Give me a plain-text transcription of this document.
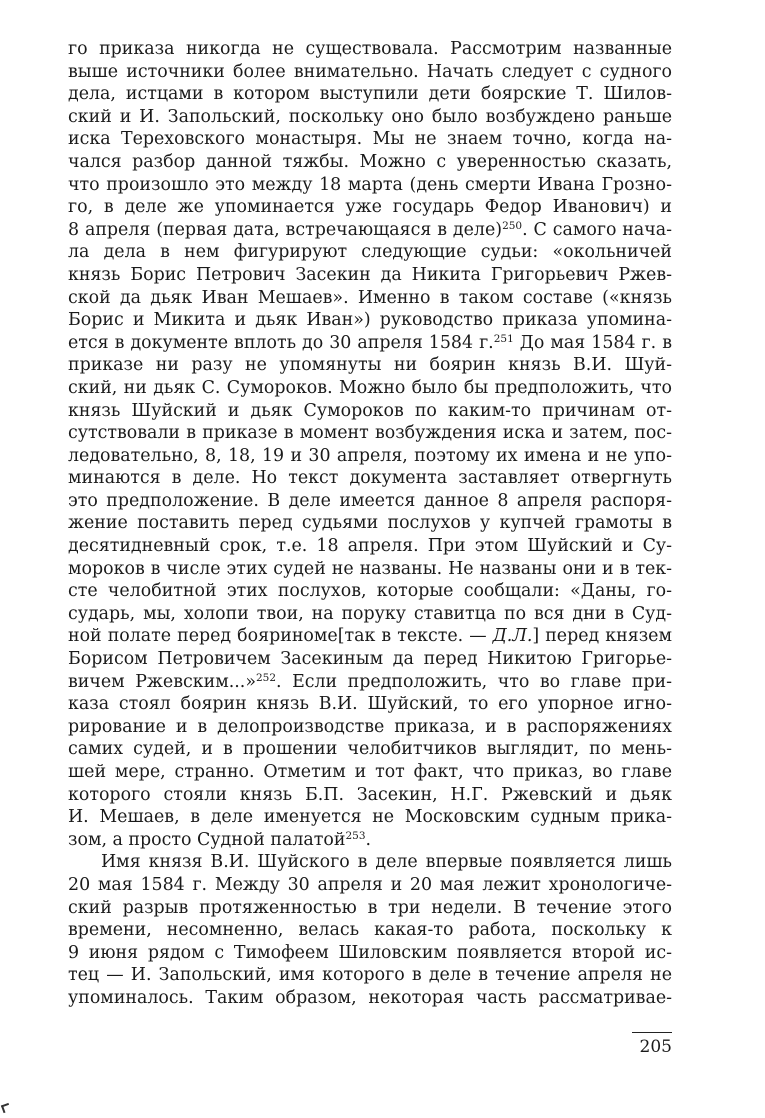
го приказа никогда не существовала. Рассмотрим названные
выше источники более внимательно. Начать следует с судного
дела, истцами в котором выступили дети боярские Т. Шилов-
ский и И. Запольский, поскольку оно было возбуждено раньше
иска Тереховского монастыря. Мы не знаем точно, когда на-
чался разбор данной тяжбы. Можно с уверенностью сказать,
что произошло это между 18 марта (день смерти Ивана Грозно-
го, в деле же упоминается уже государь Федор Иванович) и
8 апреля (первая дата, встречающаяся в деле)$^{250}$. С самого нача-
ла дела в нем фигурируют следующие судьи: «окольничей
князь Борис Петрович Засекин да Никита Григорьевич Ржев-
ской да дьяк Иван Мешаев». Именно в таком составе («князь
Борис и Микита и дьяк Иван») руководство приказа упомина-
ется в документе вплоть до 30 апреля 1584 г.$^{251}$ До мая 1584 г. в
приказе ни разу не упомянуты ни боярин князь В.И. Шуй-
ский, ни дьяк С. Сумороков. Можно было бы предположить, что
князь Шуйский и дьяк Сумороков по каким-то причинам от-
сутствовали в приказе в момент возбуждения иска и затем, пос-
ледовательно, 8, 18, 19 и 30 апреля, поэтому их имена и не упо-
минаются в деле. Но текст документа заставляет отвергнуть
это предположение. В деле имеется данное 8 апреля распоря-
жение поставить перед судьями послухов у купчей грамоты в
десятидневный срок, т.е. 18 апреля. При этом Шуйский и Су-
мороков в числе этих судей не названы. Не названы они и в тек-
сте челобитной этих послухов, которые сообщали: «Даны, го-
сударь, мы, холопи твои, на поруку ставитца по вся дни в Суд-
ной полате перед бояриномe[так в тексте. — Д.Л.] перед князем
Борисом Петровичем Засекиным да перед Никитою Григорье-
вичем Ржевским...»$^{252}$. Если предположить, что во главе при-
каза стоял боярин князь В.И. Шуйский, то его упорное игно-
рирование и в делопроизводстве приказа, и в распоряжениях
самих судей, и в прошении челобитчиков выглядит, по мень-
шей мере, странно. Отметим и тот факт, что приказ, во главе
которого стояли князь Б.П. Засекин, Н.Г. Ржевский и дьяк
И. Мешаев, в деле именуется не Московским судным прика-
зом, а просто Судной палатой$^{253}$.
Имя князя В.И. Шуйского в деле впервые появляется лишь
20 мая 1584 г. Между 30 апреля и 20 мая лежит хронологиче-
ский разрыв протяженностью в три недели. В течение этого
времени, несомненно, велась какая-то работа, поскольку к
9 июня рядом с Тимофеем Шиловским появляется второй ис-
тец — И. Запольский, имя которого в деле в течение апреля не
упоминалось. Таким образом, некоторая часть рассматривае-
205
